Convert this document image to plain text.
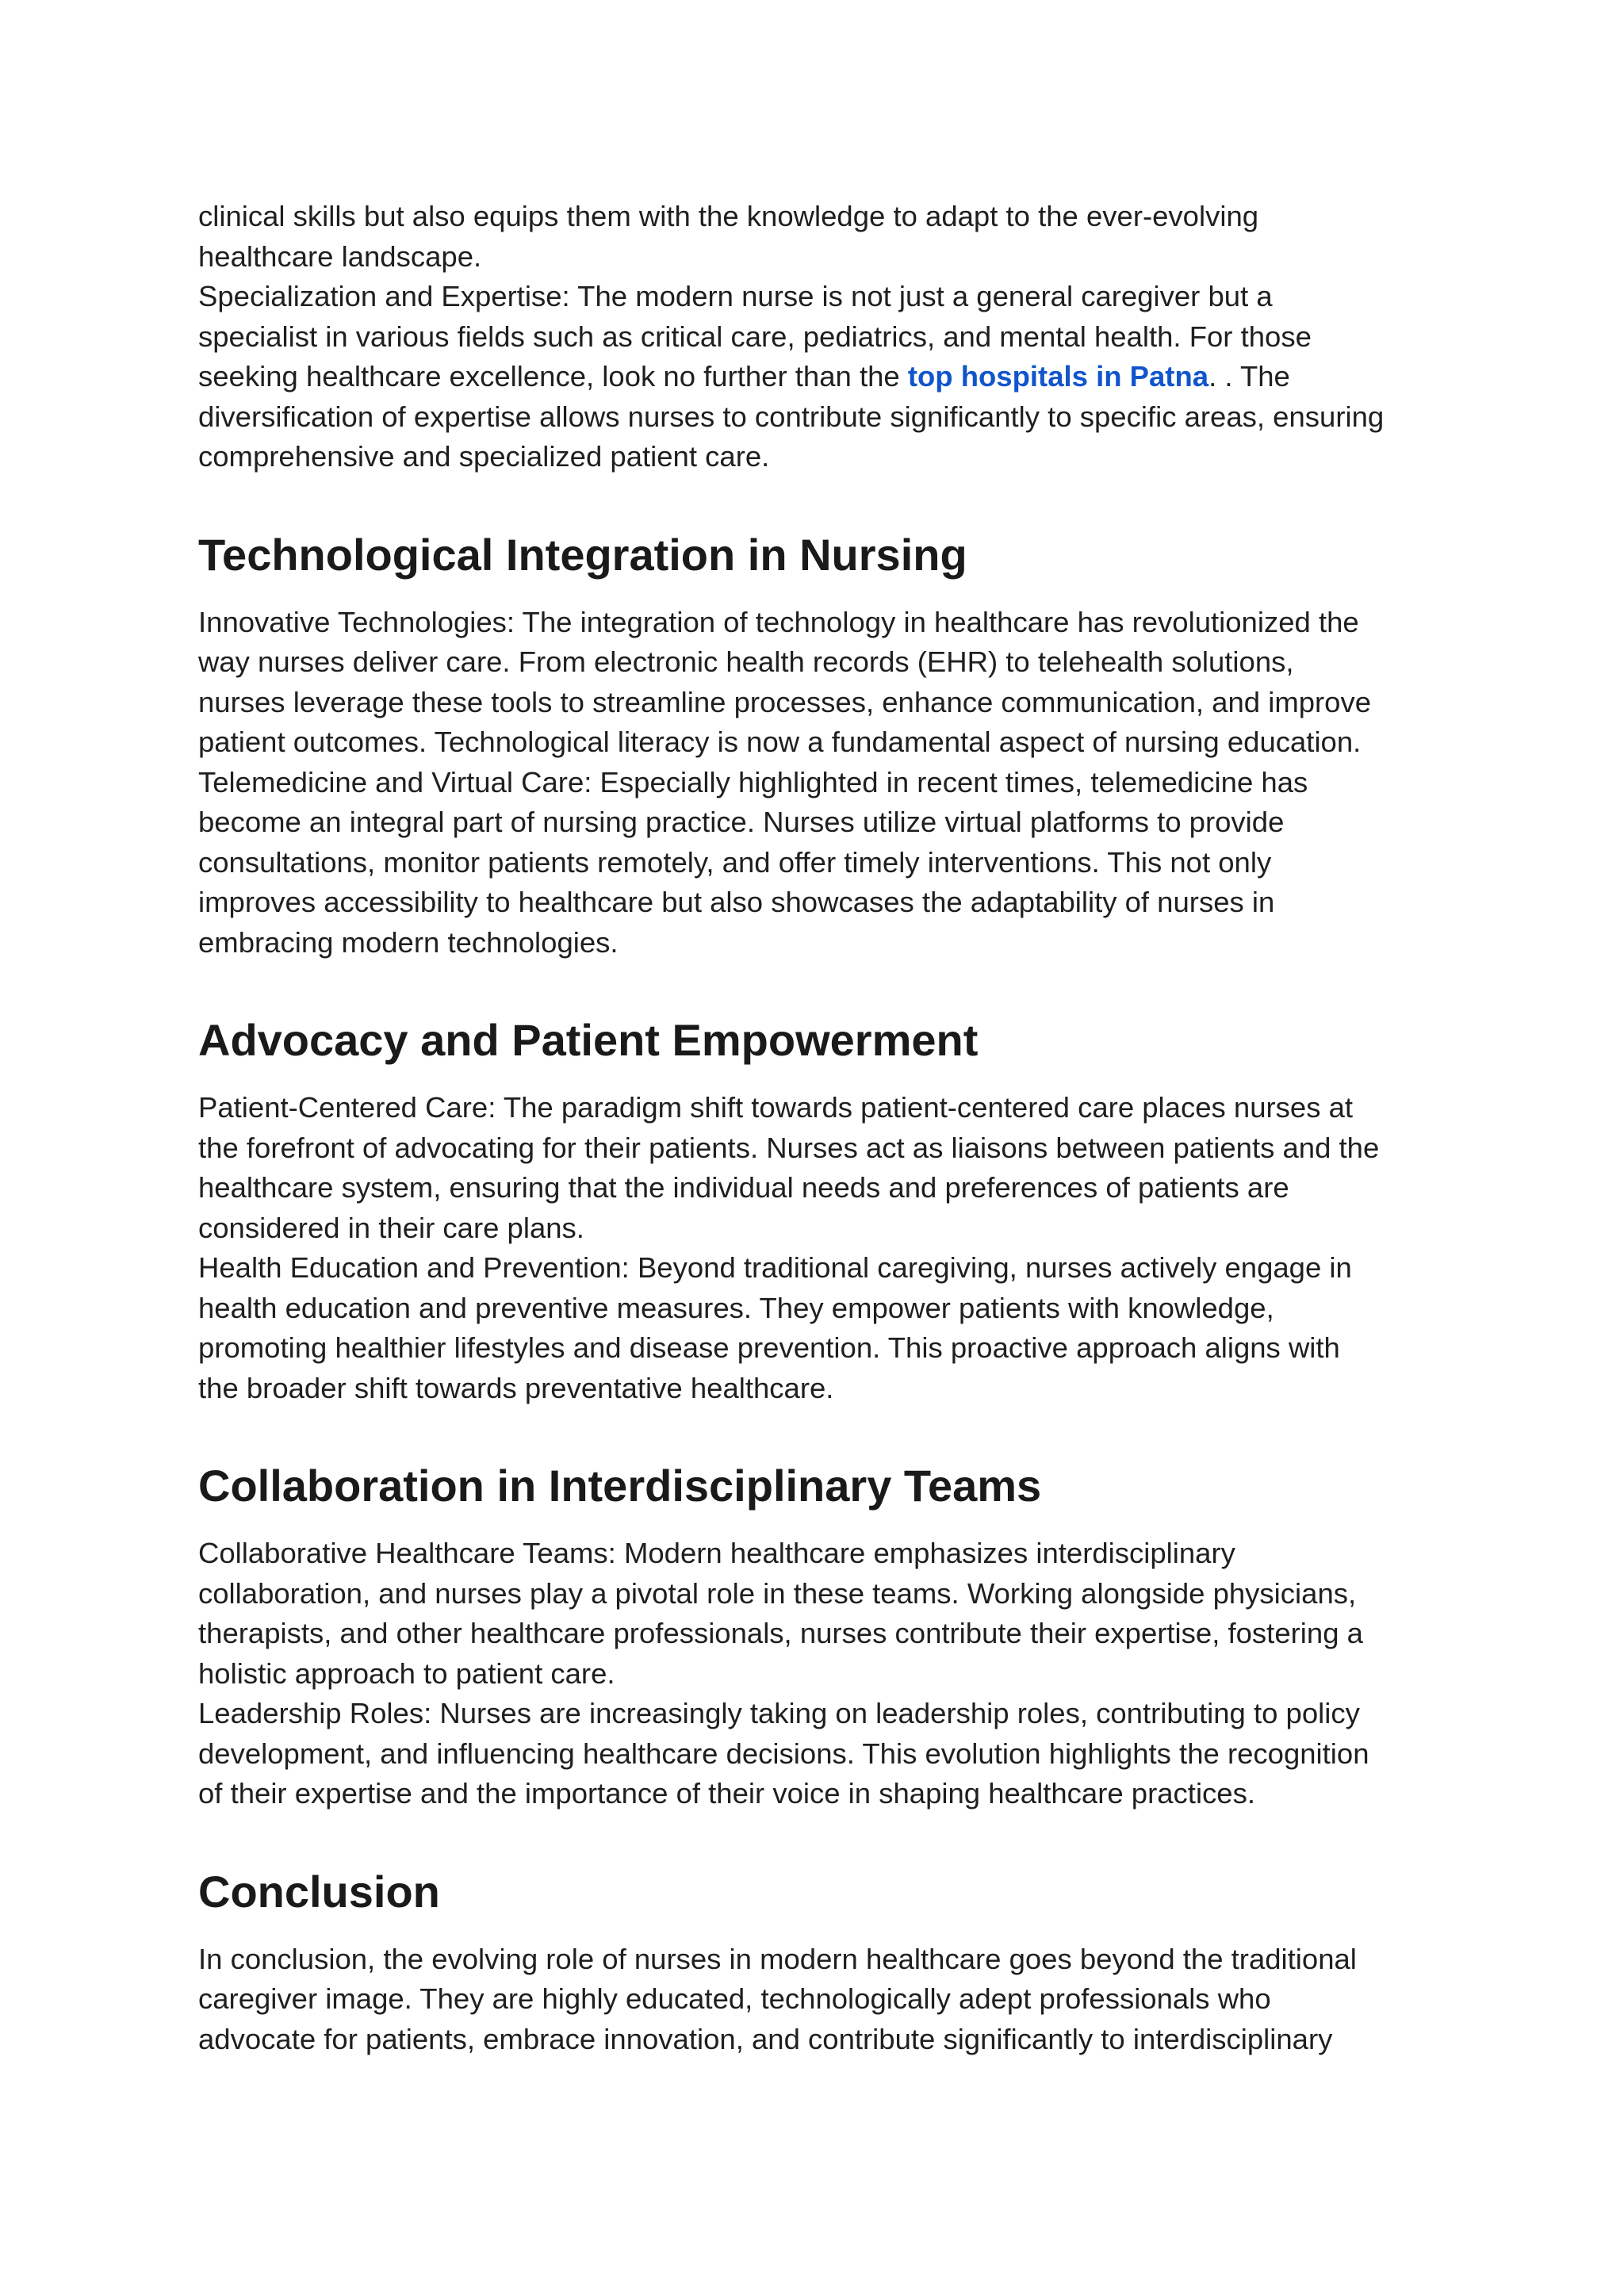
clinical skills but also equips them with the knowledge to adapt to the ever-evolving
healthcare landscape.
Specialization and Expertise: The modern nurse is not just a general caregiver but a
specialist in various fields such as critical care, pediatrics, and mental health. For those
seeking healthcare excellence, look no further than the top hospitals in Patna. . The
diversification of expertise allows nurses to contribute significantly to specific areas, ensuring
comprehensive and specialized patient care.

Technological Integration in Nursing

Innovative Technologies: The integration of technology in healthcare has revolutionized the
way nurses deliver care. From electronic health records (EHR) to telehealth solutions,
nurses leverage these tools to streamline processes, enhance communication, and improve
patient outcomes. Technological literacy is now a fundamental aspect of nursing education.
Telemedicine and Virtual Care: Especially highlighted in recent times, telemedicine has
become an integral part of nursing practice. Nurses utilize virtual platforms to provide
consultations, monitor patients remotely, and offer timely interventions. This not only
improves accessibility to healthcare but also showcases the adaptability of nurses in
embracing modern technologies.

Advocacy and Patient Empowerment

Patient-Centered Care: The paradigm shift towards patient-centered care places nurses at
the forefront of advocating for their patients. Nurses act as liaisons between patients and the
healthcare system, ensuring that the individual needs and preferences of patients are
considered in their care plans.
Health Education and Prevention: Beyond traditional caregiving, nurses actively engage in
health education and preventive measures. They empower patients with knowledge,
promoting healthier lifestyles and disease prevention. This proactive approach aligns with
the broader shift towards preventative healthcare.

Collaboration in Interdisciplinary Teams

Collaborative Healthcare Teams: Modern healthcare emphasizes interdisciplinary
collaboration, and nurses play a pivotal role in these teams. Working alongside physicians,
therapists, and other healthcare professionals, nurses contribute their expertise, fostering a
holistic approach to patient care.
Leadership Roles: Nurses are increasingly taking on leadership roles, contributing to policy
development, and influencing healthcare decisions. This evolution highlights the recognition
of their expertise and the importance of their voice in shaping healthcare practices.

Conclusion

In conclusion, the evolving role of nurses in modern healthcare goes beyond the traditional
caregiver image. They are highly educated, technologically adept professionals who
advocate for patients, embrace innovation, and contribute significantly to interdisciplinary
